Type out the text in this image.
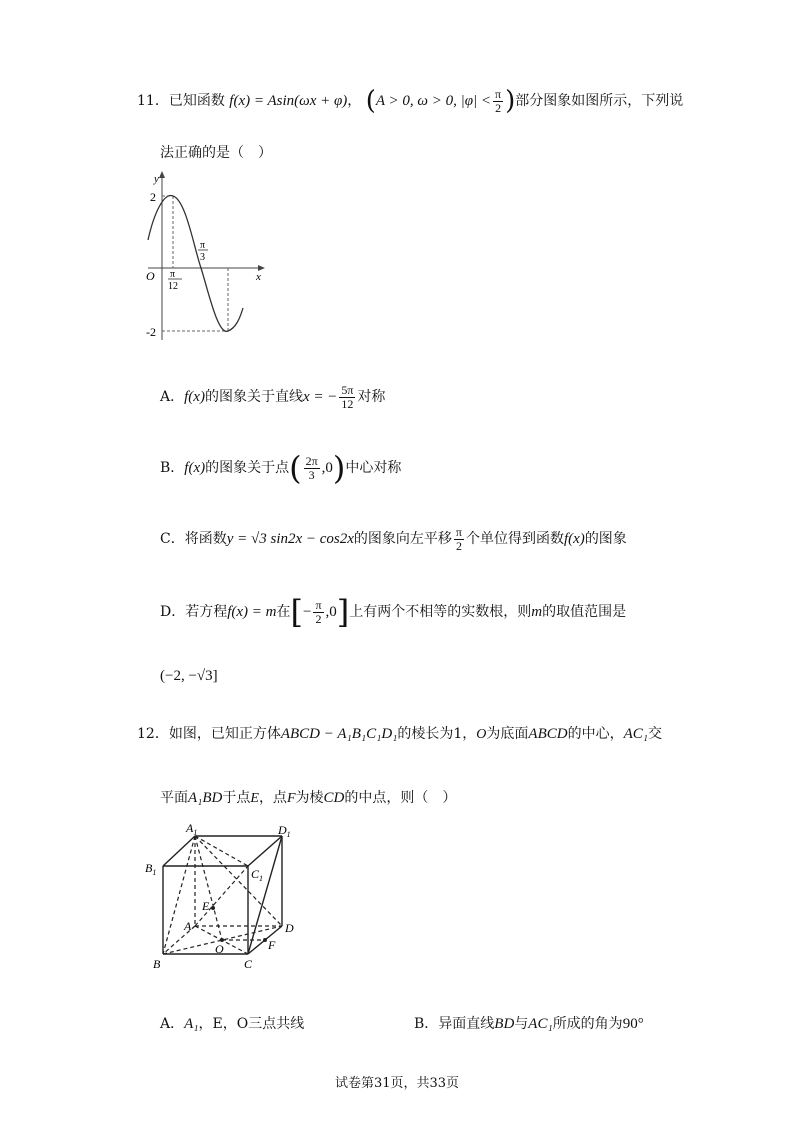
11．已知函数 f(x) = Asin(ωx + φ)， (A > 0, ω > 0, $|\varphi| < \frac{\pi}{2}$ )部分图象如图所示，下列说
法正确的是（　）
y
x
O
2
-2
π
12
π
3
A．f(x)的图象关于直线x = − $\frac{5\pi}{12}$ 对称
B．f(x)的图象关于点( $\frac{2\pi}{3} ,0$)中心对称
C．将函数y = √3 sin2x − cos2x的图象向左平移 $\frac{\pi}{2}$ 个单位得到函数f(x)的图象
D．若方程f(x) = m在[− $\frac{\pi}{2} ,0$]上有两个不相等的实数根，则m的取值范围是
(−2, −√3]
12．如图，已知正方体ABCD − A₁B₁C₁D₁的棱长为1，O为底面ABCD的中心，AC₁交
平面A₁BD于点E，点F为棱CD的中点，则（　）
$A_1$	$D_1$
$B_1$	$C_1$
E
A	D
O	F
B	C
A．A₁，E，O三点共线	B．异面直线BD与AC₁所成的角为90°
试卷第31页，共33页
